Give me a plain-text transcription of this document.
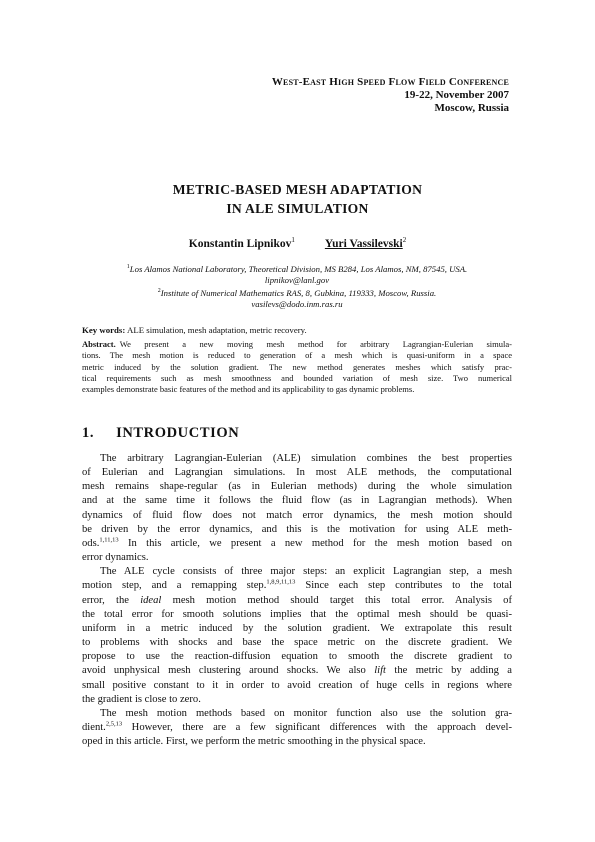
West-East High Speed Flow Field Conference
19-22, November 2007
Moscow, Russia
METRIC-BASED MESH ADAPTATION
IN ALE SIMULATION
Konstantin Lipnikov$^1$	Yuri Vassilevski$^2$
$^1$Los Alamos National Laboratory, Theoretical Division, MS B284, Los Alamos, NM, 87545, USA.
lipnikov@lanl.gov
$^2$Institute of Numerical Mathematics RAS, 8, Gubkina, 119333, Moscow, Russia.
vasilevs@dodo.inm.ras.ru
Key words: ALE simulation, mesh adaptation, metric recovery.
Abstract. We present a new moving mesh method for arbitrary Lagrangian-Eulerian simula-
tions. The mesh motion is reduced to generation of a mesh which is quasi-uniform in a space
metric induced by the solution gradient. The new method generates meshes which satisfy prac-
tical requirements such as mesh smoothness and bounded variation of mesh size. Two numerical
examples demonstrate basic features of the method and its applicability to gas dynamic problems.
1. INTRODUCTION
The arbitrary Lagrangian-Eulerian (ALE) simulation combines the best properties
of Eulerian and Lagrangian simulations. In most ALE methods, the computational
mesh remains shape-regular (as in Eulerian methods) during the whole simulation
and at the same time it follows the fluid flow (as in Lagrangian methods). When
dynamics of fluid flow does not match error dynamics, the mesh motion should
be driven by the error dynamics, and this is the motivation for using ALE meth-
ods.$^{1,11,13}$ In this article, we present a new method for the mesh motion based on
error dynamics.
The ALE cycle consists of three major steps: an explicit Lagrangian step, a mesh
motion step, and a remapping step.$^{1,8,9,11,13}$ Since each step contributes to the total
error, the ideal mesh motion method should target this total error. Analysis of
the total error for smooth solutions implies that the optimal mesh should be quasi-
uniform in a metric induced by the solution gradient. We extrapolate this result
to problems with shocks and base the space metric on the discrete gradient. We
propose to use the reaction-diffusion equation to smooth the discrete gradient to
avoid unphysical mesh clustering around shocks. We also lift the metric by adding a
small positive constant to it in order to avoid creation of huge cells in regions where
the gradient is close to zero.
The mesh motion methods based on monitor function also use the solution gra-
dient.$^{2,5,13}$ However, there are a few significant differences with the approach devel-
oped in this article. First, we perform the metric smoothing in the physical space.
